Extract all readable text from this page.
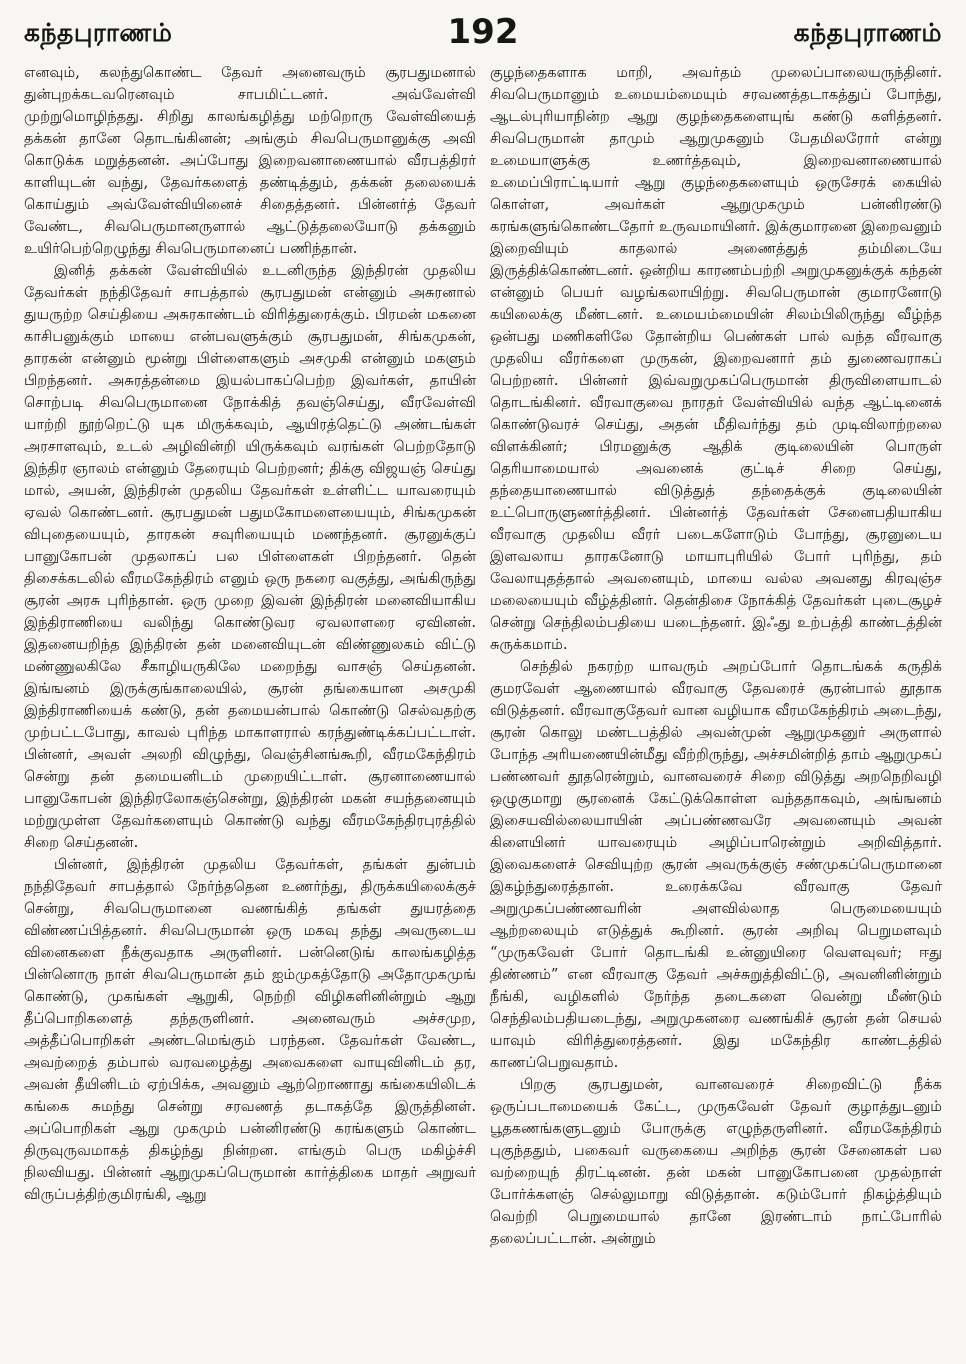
கந்தபுராணம்	192	கந்தபுராணம்

எனவும், கலந்துகொண்ட தேவர் அனைவரும் சூரபதுமனால் துன்புறக்கடவரெனவும் சாபமிட்டனர். அவ்வேள்வி முற்றுமொழிந்தது. சிறிது காலங்கழித்து மற்றொரு வேள்வியைத் தக்கன் தானே தொடங்கினன்; அங்கும் சிவபெருமானுக்கு அவி கொடுக்க மறுத்தனன். அப்போது இறைவனாணையால் வீரபத்திரர் காளியுடன் வந்து, தேவர்களைத் தண்டித்தும், தக்கன் தலையைக் கொய்தும் அவ்வேள்வியினைச் சிதைத்தனர். பின்னர்த் தேவர் வேண்ட, சிவபெருமானருளால் ஆட்டுத்தலையோடு தக்கனும் உயிர்பெற்றெழுந்து சிவபெருமானைப் பணிந்தான்.

இனித் தக்கன் வேள்வியில் உடனிருந்த இந்திரன் முதலிய தேவர்கள் நந்திதேவர் சாபத்தால் சூரபதுமன் என்னும் அசுரனால் துயருற்ற செய்தியை அசுரகாண்டம் விரித்துரைக்கும். பிரமன் மகனை காசிபனுக்கும் மாயை என்பவளுக்கும் சூரபதுமன், சிங்கமுகன், தாரகன் என்னும் மூன்று பிள்ளைகளும் அசமுகி என்னும் மகளும் பிறந்தனர். அசுரத்தன்மை இயல்பாகப்பெற்ற இவர்கள், தாயின் சொற்படி சிவபெருமானை நோக்கித் தவஞ்செய்து, வீரவேள்வி யாற்றி நூற்றெட்டு யுக மிருக்கவும், ஆயிரத்தெட்டு அண்டங்கள் அரசாளவும், உடல் அழிவின்றி யிருக்கவும் வரங்கள் பெற்றதோடு இந்திர ஞாலம் என்னும் தேரையும் பெற்றனர்; திக்கு விஜயஞ் செய்து மால், அயன், இந்திரன் முதலிய தேவர்கள் உள்ளிட்ட யாவரையும் ஏவல் கொண்டனர். சூரபதுமன் பதுமகோமளையையும், சிங்கமுகன் விபுதையையும், தாரகன் சவுரியையும் மணந்தனர். சூரனுக்குப் பானுகோபன் முதலாகப் பல பிள்ளைகள் பிறந்தனர். தென் திசைக்கடலில் வீரமகேந்திரம் எனும் ஒரு நகரை வகுத்து, அங்கிருந்து சூரன் அரசு புரிந்தான். ஒரு முறை இவன் இந்திரன் மனைவியாகிய இந்திராணியை வலிந்து கொண்டுவர ஏவலாளரை ஏவினன். இதனையறிந்த இந்திரன் தன் மனைவியுடன் விண்ணுலகம் விட்டு மண்ணுலகிலே சீகாழியருகிலே மறைந்து வாசஞ் செய்தனன். இங்ஙனம் இருக்குங்காலையில், சூரன் தங்கையான அசமுகி இந்திராணியைக் கண்டு, தன் தமையன்பால் கொண்டு செல்வதற்கு முற்பட்டபோது, காவல் புரிந்த மாகாளரால் கரந்துண்டிக்கப்பட்டாள். பின்னர், அவள் அலறி விழுந்து, வெஞ்சினங்கூறி, வீரமகேந்திரம் சென்று தன் தமையனிடம் முறையிட்டாள். சூரனாணையால் பானுகோபன் இந்திரலோகஞ்சென்று, இந்திரன் மகன் சயந்தனையும் மற்றுமுள்ள தேவர்களையும் கொண்டு வந்து வீரமகேந்திரபுரத்தில் சிறை செய்தனன்.

பின்னர், இந்திரன் முதலிய தேவர்கள், தங்கள் துன்பம் நந்திதேவர் சாபத்தால் நேர்ந்ததென உணர்ந்து, திருக்கயிலைக்குச் சென்று, சிவபெருமானை வணங்கித் தங்கள் துயரத்தை விண்ணப்பித்தனர். சிவபெருமான் ஒரு மகவு தந்து அவருடைய வினைகளை நீக்குவதாக அருளினர். பன்னெடுங் காலங்கழித்த பின்னொரு நாள் சிவபெருமான் தம் ஐம்முகத்தோடு அதோமுகமுங் கொண்டு, முகங்கள் ஆறுகி, நெற்றி விழிகளினின்றும் ஆறு தீப்பொறிகளைத் தந்தருளினர். அனைவரும் அச்சமுற, அத்தீப்பொறிகள் அண்டமெங்கும் பரந்தன. தேவர்கள் வேண்ட, அவற்றைத் தம்பால் வரவழைத்து அவைகளை வாயுவினிடம் தர, அவன் தீயினிடம் ஏற்பிக்க, அவனும் ஆற்றொணாது கங்கையிலிடக் கங்கை சுமந்து சென்று சரவணத் தடாகத்தே இருத்தினள். அப்பொறிகள் ஆறு முகமும் பன்னிரண்டு கரங்களும் கொண்ட திருவுருவமாகத் திகழ்ந்து நின்றன. எங்கும் பெரு மகிழ்ச்சி நிலவியது. பின்னர் ஆறுமுகப்பெருமான் கார்த்திகை மாதர் அறுவர் விருப்பத்திற்குமிரங்கி, ஆறு

குழந்தைகளாக மாறி, அவர்தம் முலைப்பாலையருந்தினர். சிவபெருமானும் உமையம்மையும் சரவணத்தடாகத்துப் போந்து, ஆடல்புரியாநின்ற ஆறு குழந்தைகளையுங் கண்டு களித்தனர். சிவபெருமான் தாமும் ஆறுமுகனும் பேதமிலரோர் என்று உமையாளுக்கு உணர்த்தவும், இறைவனாணையால் உமைப்பிராட்டியார் ஆறு குழந்தைகளையும் ஒருசேரக் கையில் கொள்ள, அவர்கள் ஆறுமுகமும் பன்னிரண்டு கரங்களுங்கொண்டதோர் உருவமாயினர். இக்குமாரனை இறைவனும் இறைவியும் காதலால் அணைத்துத் தம்மிடையே இருத்திக்கொண்டனர். ஒன்றிய காரணம்பற்றி அறுமுகனுக்குக் கந்தன் என்னும் பெயர் வழங்கலாயிற்று. சிவபெருமான் குமாரனோடு கயிலைக்கு மீண்டனர். உமையம்மையின் சிலம்பிலிருந்து வீழ்ந்த ஒன்பது மணிகளிலே தோன்றிய பெண்கள் பால் வந்த வீரவாகு முதலிய வீரர்களை முருகன், இறைவனார் தம் துணைவராகப் பெற்றனர். பின்னர் இவ்வறுமுகப்பெருமான் திருவிளையாடல் தொடங்கினர். வீரவாகுவை நாரதர் வேள்வியில் வந்த ஆட்டினைக் கொண்டுவரச் செய்து, அதன் மீதிவர்ந்து தம் முடிவிலாற்றலை விளக்கினர்; பிரமனுக்கு ஆதிக் குடிலையின் பொருள் தெரியாமையால் அவனைக் குட்டிச் சிறை செய்து, தந்தையாணையால் விடுத்துத் தந்தைக்குக் குடிலையின் உட்பொருளுணர்த்தினர். பின்னர்த் தேவர்கள் சேனைபதியாகிய வீரவாகு முதலிய வீரர் படைகளோடும் போந்து, சூரனுடைய இளவலாய தாரகனோடு மாயாபுரியில் போர் புரிந்து, தம் வேலாயுதத்தால் அவனையும், மாயை வல்ல அவனது கிரவுஞ்ச மலையையும் வீழ்த்தினர். தென்திசை நோக்கித் தேவர்கள் புடைசூழச் சென்று செந்திலம்பதியை யடைந்தனர். இஃது உற்பத்தி காண்டத்தின் சுருக்கமாம்.

செந்தில் நகரற்ற யாவரும் அறப்போர் தொடங்கக் கருதிக் குமரவேள் ஆணையால் வீரவாகு தேவரைச் சூரன்பால் தூதாக விடுத்தனர். வீரவாகுதேவர் வான வழியாக வீரமகேந்திரம் அடைந்து, சூரன் கொலு மண்டபத்தில் அவன்முன் ஆறுமுகனுர் அருளால் போந்த அரியணையின்மீது வீற்றிருந்து, அச்சமின்றித் தாம் ஆறுமுகப் பண்ணவர் தூதரென்றும், வானவரைச் சிறை விடுத்து அறநெறிவழி ஒழுகுமாறு சூரனைக் கேட்டுக்கொள்ள வந்ததாகவும், அங்ஙனம் இசையவில்லையாயின் அப்பண்ணவரே அவனையும் அவன் கிளையினர் யாவரையும் அழிப்பாரென்றும் அறிவித்தார். இவைகளைச் செவியுற்ற சூரன் அவருக்குஞ் சண்முகப்பெருமானை இகழ்ந்துரைத்தான். உரைக்கவே வீரவாகு தேவர் அறுமுகப்பண்ணவரின் அளவில்லாத பெருமையையும் ஆற்றலையும் எடுத்துக் கூறினர். சூரன் அறிவு பெறுமளவும் “முருகவேள் போர் தொடங்கி உன்னுயிரை வௌவுவர்; ஈது திண்ணம்” என வீரவாகு தேவர் அச்சுறுத்திவிட்டு, அவனினின்றும் நீங்கி, வழிகளில் நேர்ந்த தடைகளை வென்று மீண்டும் செந்திலம்பதியடைந்து, அறுமுகனரை வணங்கிச் சூரன் தன் செயல் யாவும் விரித்துரைத்தனர். இது மகேந்திர காண்டத்தில் காணப்பெறுவதாம்.

பிறகு சூரபதுமன், வானவரைச் சிறைவிட்டு நீக்க ஒருப்படாமையைக் கேட்ட, முருகவேள் தேவர் குழாத்துடனும் பூதகணங்களுடனும் போருக்கு எழுந்தருளினர். வீரமகேந்திரம் புகுந்ததும், பகைவர் வருகையை அறிந்த சூரன் சேனைகள் பல வற்றையுந் திரட்டினன். தன் மகன் பானுகோபனை முதல்நாள் போர்க்களஞ் செல்லுமாறு விடுத்தான். கடும்போர் நிகழ்த்தியும் வெற்றி பெறுமையால் தானே இரண்டாம் நாட்போரில் தலைப்பட்டான். அன்றும்
